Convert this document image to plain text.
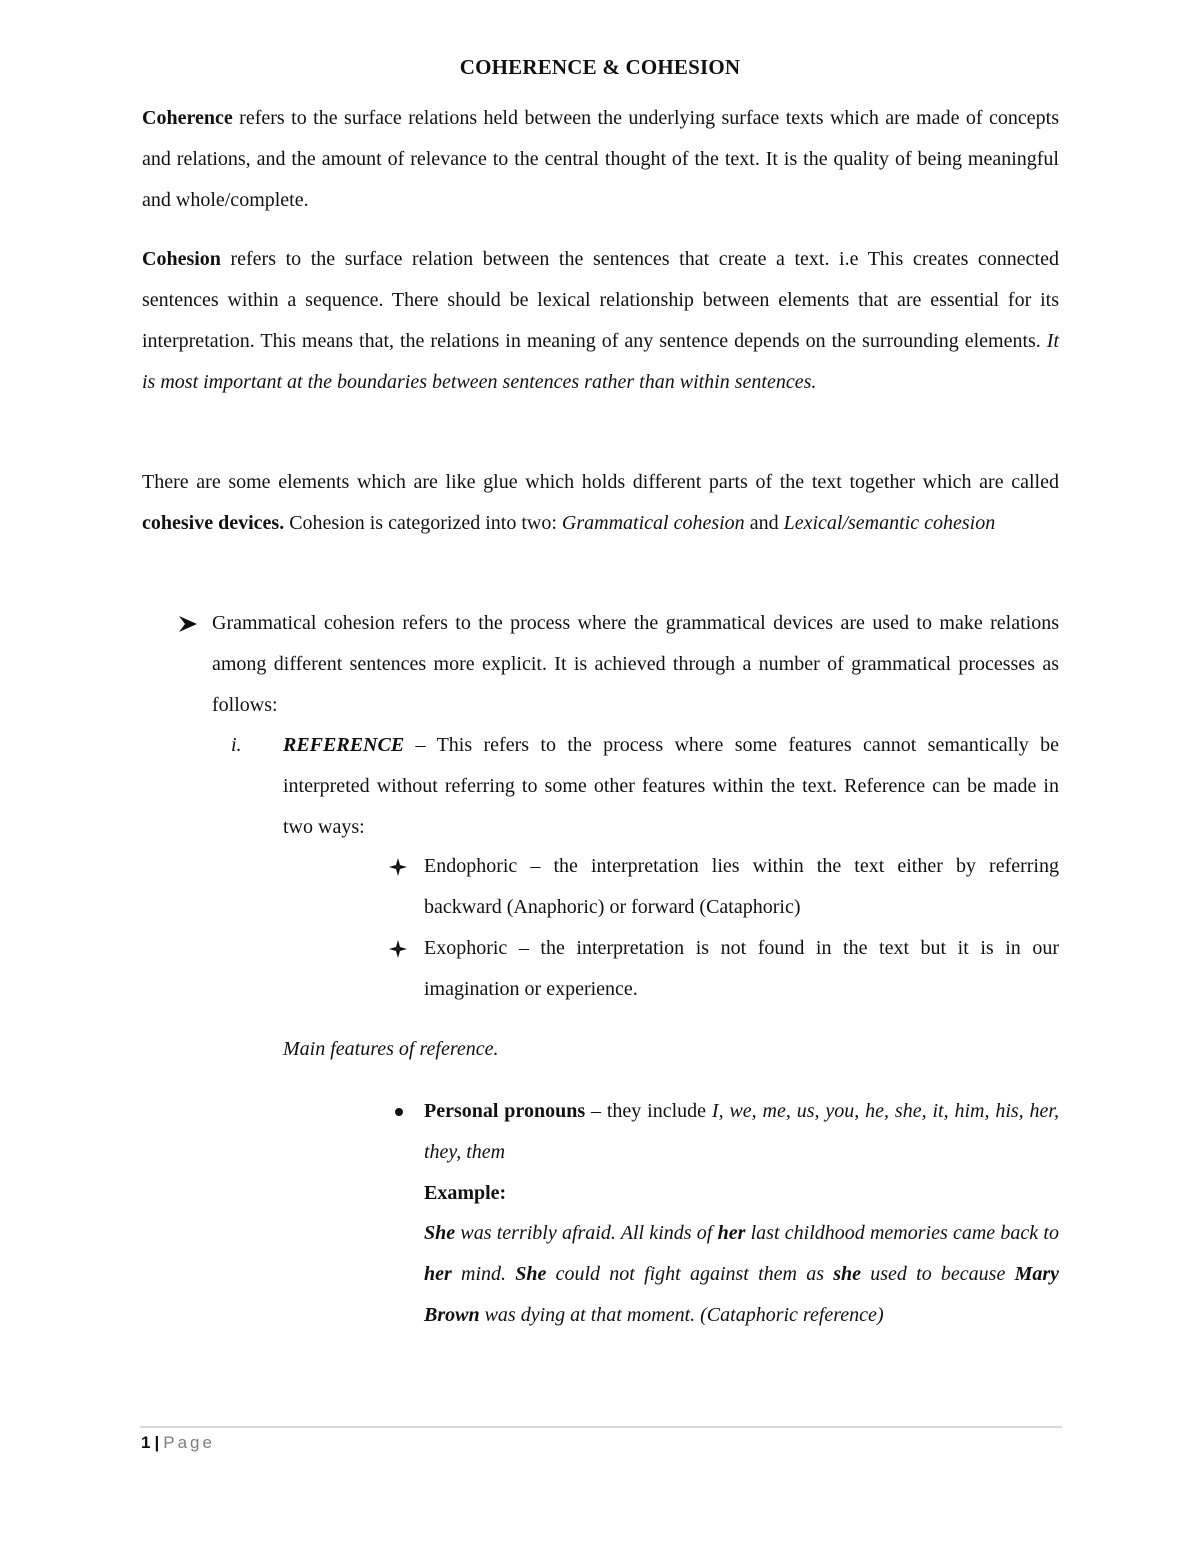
COHERENCE & COHESION

Coherence refers to the surface relations held between the underlying surface texts which are made of concepts and relations, and the amount of relevance to the central thought of the text. It is the quality of being meaningful and whole/complete.

Cohesion refers to the surface relation between the sentences that create a text. i.e This creates connected sentences within a sequence. There should be lexical relationship between elements that are essential for its interpretation. This means that, the relations in meaning of any sentence depends on the surrounding elements. It is most important at the boundaries between sentences rather than within sentences.

There are some elements which are like glue which holds different parts of the text together which are called cohesive devices. Cohesion is categorized into two: Grammatical cohesion and Lexical/semantic cohesion

Grammatical cohesion refers to the process where the grammatical devices are used to make relations among different sentences more explicit. It is achieved through a number of grammatical processes as follows:
i. REFERENCE – This refers to the process where some features cannot semantically be interpreted without referring to some other features within the text. Reference can be made in two ways:
Endophoric – the interpretation lies within the text either by referring backward (Anaphoric) or forward (Cataphoric)
Exophoric – the interpretation is not found in the text but it is in our imagination or experience.
Main features of reference.
Personal pronouns – they include I, we, me, us, you, he, she, it, him, his, her, they, them
Example:
She was terribly afraid. All kinds of her last childhood memories came back to her mind. She could not fight against them as she used to because Mary Brown was dying at that moment. (Cataphoric reference)
1 | Page
